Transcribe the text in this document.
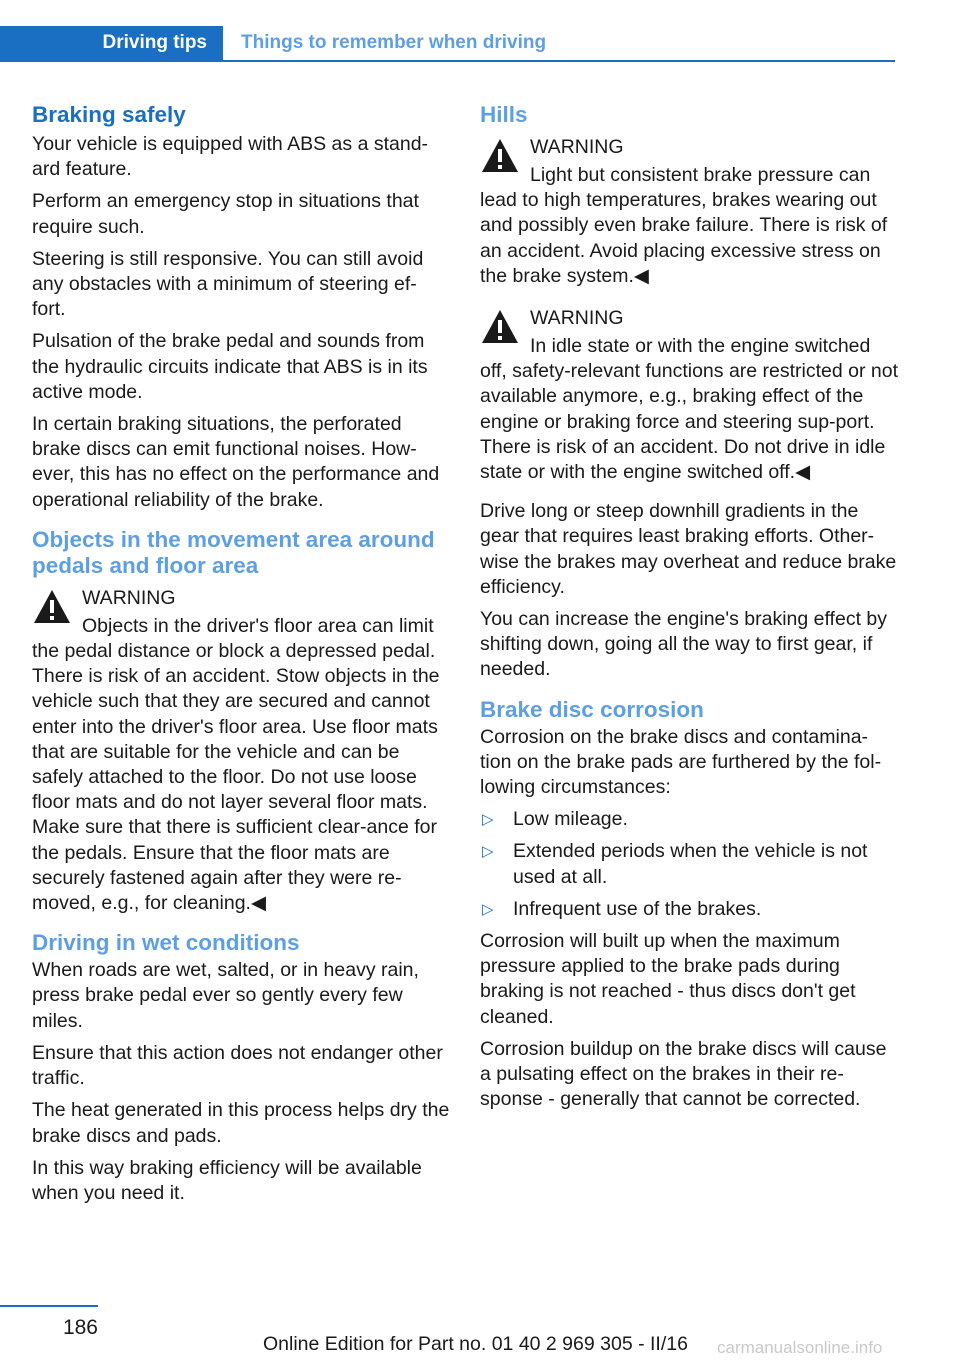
Driving tips	Things to remember when driving
Braking safely

Your vehicle is equipped with ABS as a stand-ard feature.

Perform an emergency stop in situations that require such.

Steering is still responsive. You can still avoid any obstacles with a minimum of steering ef-fort.

Pulsation of the brake pedal and sounds from the hydraulic circuits indicate that ABS is in its active mode.

In certain braking situations, the perforated brake discs can emit functional noises. How-ever, this has no effect on the performance and operational reliability of the brake.

Objects in the movement area around pedals and floor area
WARNING
Objects in the driver's floor area can limit
the pedal distance or block a depressed pedal. There is risk of an accident. Stow objects in the vehicle such that they are secured and cannot enter into the driver's floor area. Use floor mats that are suitable for the vehicle and can be safely attached to the floor. Do not use loose floor mats and do not layer several floor mats. Make sure that there is sufficient clear-ance for the pedals. Ensure that the floor mats are securely fastened again after they were re-moved, e.g., for cleaning.◀
Driving in wet conditions

When roads are wet, salted, or in heavy rain, press brake pedal ever so gently every few miles.

Ensure that this action does not endanger other traffic.

The heat generated in this process helps dry the brake discs and pads.

In this way braking efficiency will be available when you need it.

Hills
WARNING
Light but consistent brake pressure can
lead to high temperatures, brakes wearing out and possibly even brake failure. There is risk of an accident. Avoid placing excessive stress on the brake system.◀
WARNING
In idle state or with the engine switched
off, safety-relevant functions are restricted or not available anymore, e.g., braking effect of the engine or braking force and steering sup-port. There is risk of an accident. Do not drive in idle state or with the engine switched off.◀

Drive long or steep downhill gradients in the gear that requires least braking efforts. Other-wise the brakes may overheat and reduce brake efficiency.

You can increase the engine's braking effect by shifting down, going all the way to first gear, if needed.

Brake disc corrosion

Corrosion on the brake discs and contamina-tion on the brake pads are furthered by the fol-lowing circumstances:

▷ Low mileage.
▷ Extended periods when the vehicle is not used at all.
▷ Infrequent use of the brakes.

Corrosion will built up when the maximum pressure applied to the brake pads during braking is not reached - thus discs don't get cleaned.

Corrosion buildup on the brake discs will cause a pulsating effect on the brakes in their re-sponse - generally that cannot be corrected.

186
Online Edition for Part no. 01 40 2 969 305 - II/16 carmanualsonline.info
